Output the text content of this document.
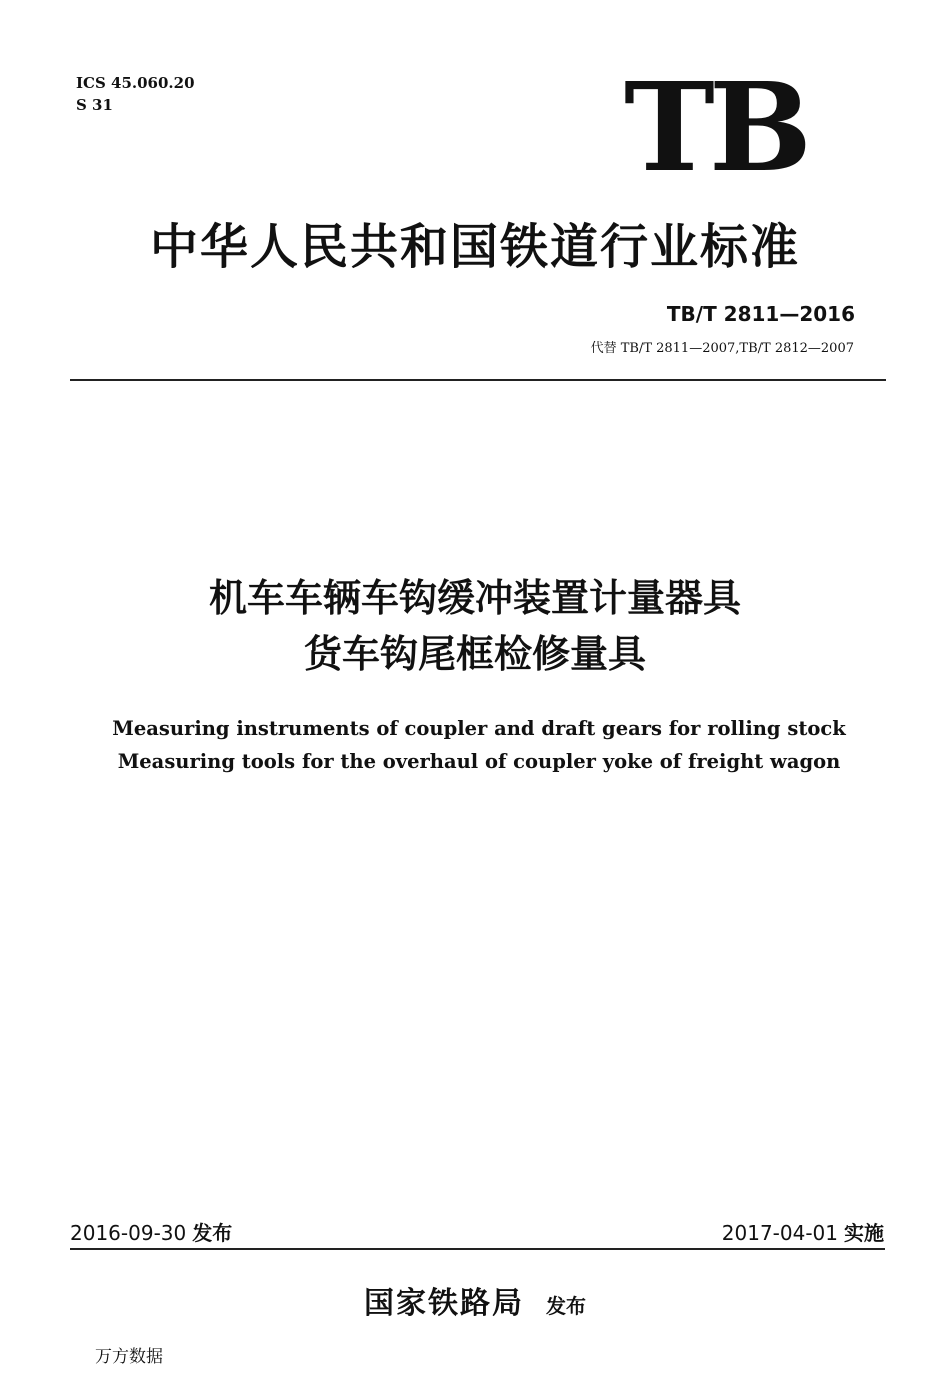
ICS 45.060.20
S 31	TB
中华人民共和国铁道行业标准
TB/T 2811—2016
代替 TB/T 2811—2007,TB/T 2812—2007
机车车辆车钩缓冲装置计量器具
货车钩尾框检修量具
Measuring instruments of coupler and draft gears for rolling stock
Measuring tools for the overhaul of coupler yoke of freight wagon
2016-09-30 发布	2017-04-01 实施
国家铁路局 发布
万方数据
